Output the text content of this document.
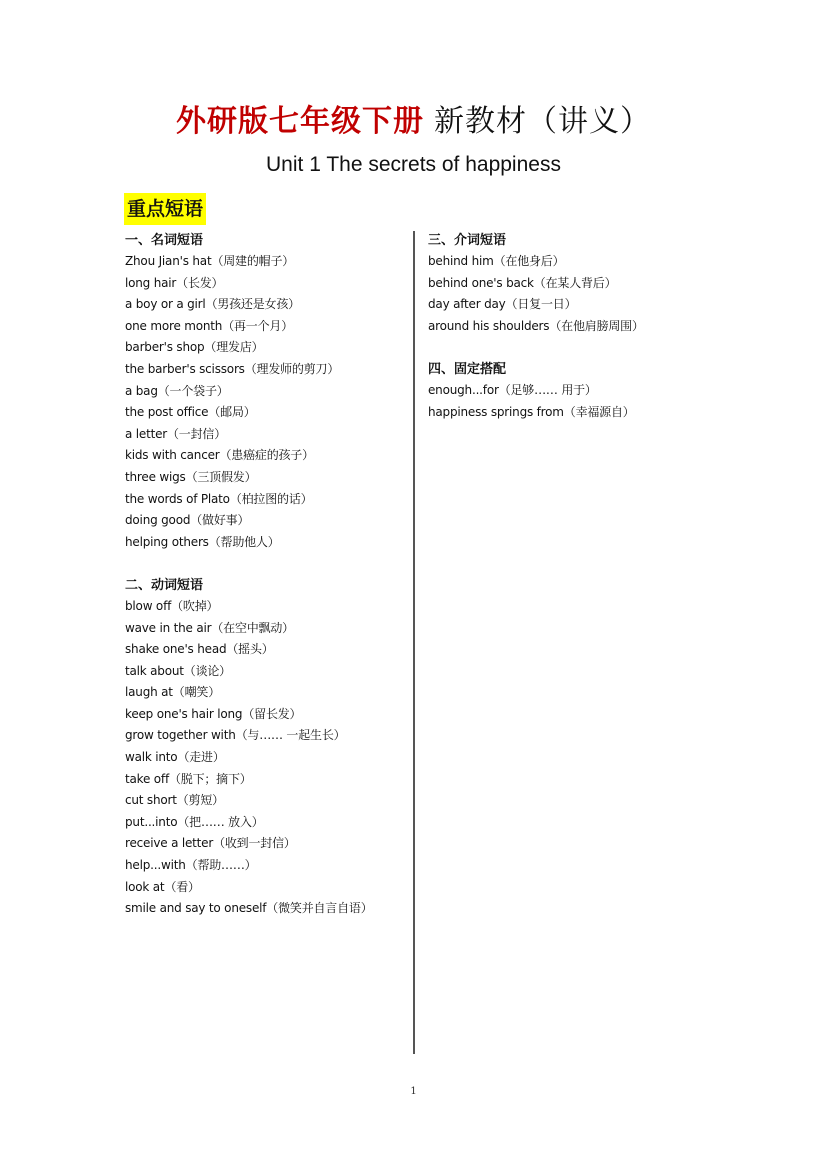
外研版七年级下册 新教材（讲义）
Unit 1 The secrets of happiness
重点短语
一、名词短语
Zhou Jian's hat（周建的帽子）
long hair（长发）
a boy or a girl（男孩还是女孩）
one more month（再一个月）
barber's shop（理发店）
the barber's scissors（理发师的剪刀）
a bag（一个袋子）
the post office（邮局）
a letter（一封信）
kids with cancer（患癌症的孩子）
three wigs（三顶假发）
the words of Plato（柏拉图的话）
doing good（做好事）
helping others（帮助他人）
二、动词短语
blow off（吹掉）
wave in the air（在空中飘动）
shake one's head（摇头）
talk about（谈论）
laugh at（嘲笑）
keep one's hair long（留长发）
grow together with（与…… 一起生长）
walk into（走进）
take off（脱下；摘下）
cut short（剪短）
put...into（把…… 放入）
receive a letter（收到一封信）
help...with（帮助……）
look at（看）
smile and say to oneself（微笑并自言自语）
三、介词短语
behind him（在他身后）
behind one's back（在某人背后）
day after day（日复一日）
around his shoulders（在他肩膀周围）
四、固定搭配
enough...for（足够…… 用于）
happiness springs from（幸福源自）
1
